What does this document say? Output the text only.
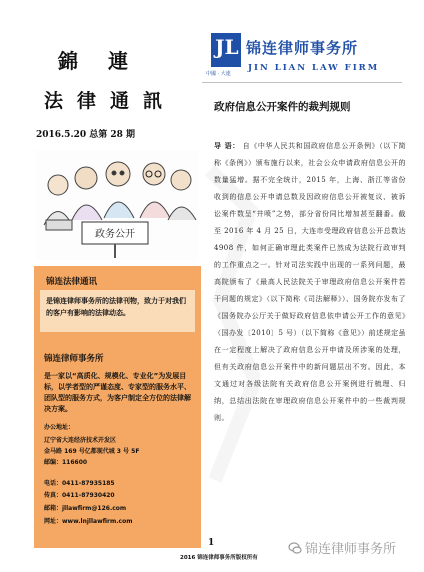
錦連
法律通訊
2016.5.20 总第 28 期
JL
中國 · 大連
锦连律师事务所
JIN LIAN LAW FIRM
政府信息公开案件的裁判规则
政务公开
锦连法律通讯
是锦连律师事务所的法律刊物，致力于对我们的客户有影响的法律动态。
锦连律师事务所
是一家以“高质化、规模化、专业化”为发展目标，以学者型的严谨态度、专家型的服务水平、团队型的服务方式，为客户制定全方位的法律解决方案。
办公地址：
辽宁省大连经济技术开发区
金马路 169 号亿都现代城 3 号 5F
邮编：116600
电话：0411-87935185
传真：0411-87930420
邮箱：jllawfirm@126.com
网址：www.lnjllawfirm.com
导 语： 自《中华人民共和国政府信息公开条例》（以下简称《条例》）颁布施行以来，社会公众申请政府信息公开的数量猛增。据不完全统计，2015 年，上海、浙江等省份收到的信息公开申请总数及因政府信息公开被复议、被诉讼案件数呈“井喷”之势，部分省份同比增加甚至翻番。截至 2016 年 4 月 25 日，大连市受理政府信息公开总数达 4908 件，如何正确审理此类案件已然成为法院行政审判的工作重点之一。针对司法实践中出现的一系列问题，最高院颁布了《最高人民法院关于审理政府信息公开案件若干问题的规定》（以下简称《司法解释》）、国务院亦发布了《国务院办公厅关于做好政府信息依申请公开工作的意见》（国办发〔2010〕5 号）（以下简称《意见》）前述规定虽在一定程度上解决了政府信息公开申请及所涉案的处理，但有关政府信息公开案件中的新问题层出不穷。因此，本文通过对各级法院有关政府信息公开案例进行梳理、归纳，总结出法院在审理政府信息公开案件中的一些裁判规则。
1
2016 锦连律师事务所版权所有
锦连律师事务所
